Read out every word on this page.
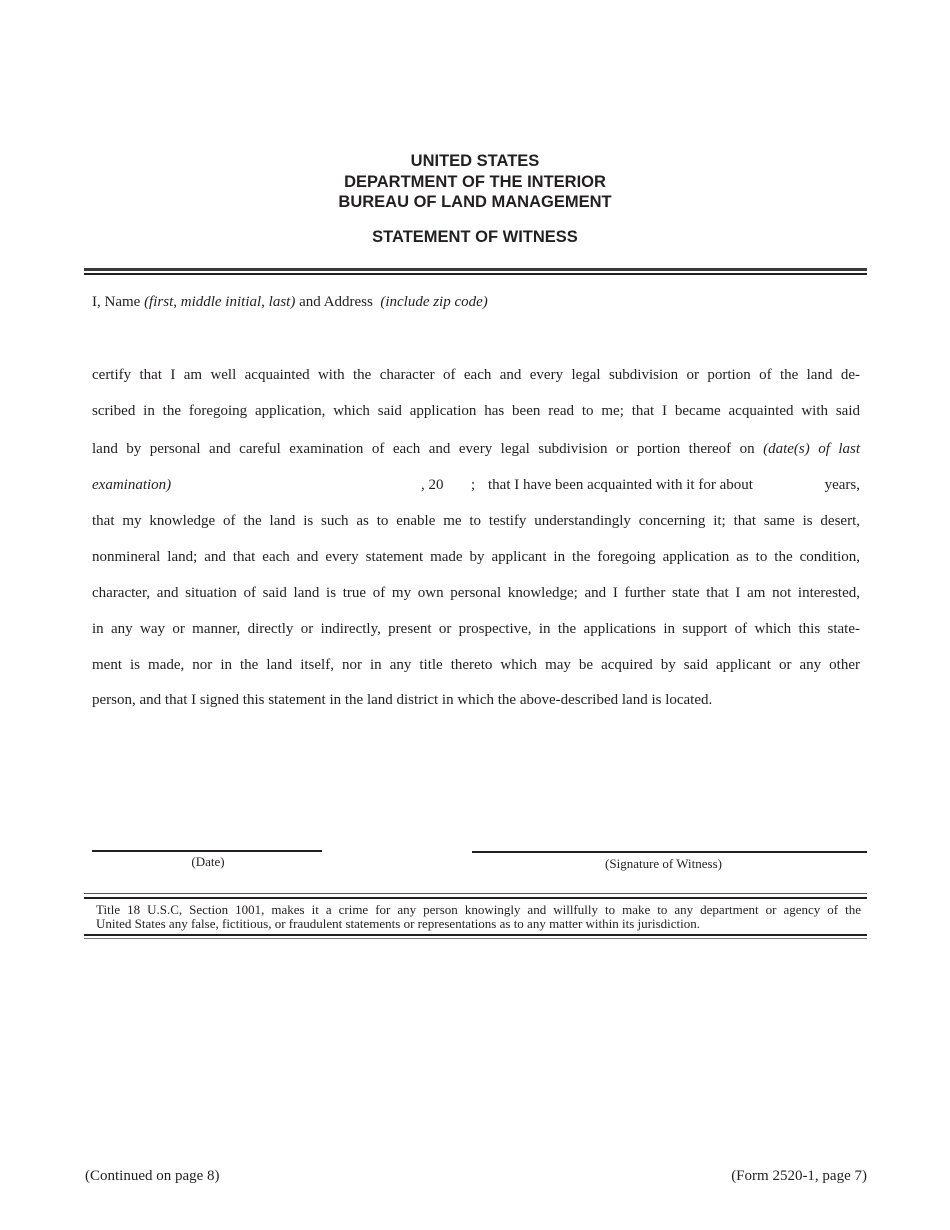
UNITED STATES
DEPARTMENT OF THE INTERIOR
BUREAU OF LAND MANAGEMENT
STATEMENT OF WITNESS
I, Name (first, middle initial, last) and Address (include zip code)
certify that I am well acquainted with the character of each and every legal subdivision or portion of the land de-
scribed in the foregoing application, which said application has been read to me; that I became acquainted with said
land by personal and careful examination of each and every legal subdivision or portion thereof on (date(s) of last
examination)	, 20 ; that I have been acquainted with it for about	years,
that my knowledge of the land is such as to enable me to testify understandingly concerning it; that same is desert,
nonmineral land; and that each and every statement made by applicant in the foregoing application as to the condition,
character, and situation of said land is true of my own personal knowledge; and I further state that I am not interested,
in any way or manner, directly or indirectly, present or prospective, in the applications in support of which this state-
ment is made, nor in the land itself, nor in any title thereto which may be acquired by said applicant or any other
person, and that I signed this statement in the land district in which the above-described land is located.
(Date)	(Signature of Witness)
Title 18 U.S.C, Section 1001, makes it a crime for any person knowingly and willfully to make to any department or agency of the
United States any false, fictitious, or fraudulent statements or representations as to any matter within its jurisdiction.
(Continued on page 8)	(Form 2520-1, page 7)
